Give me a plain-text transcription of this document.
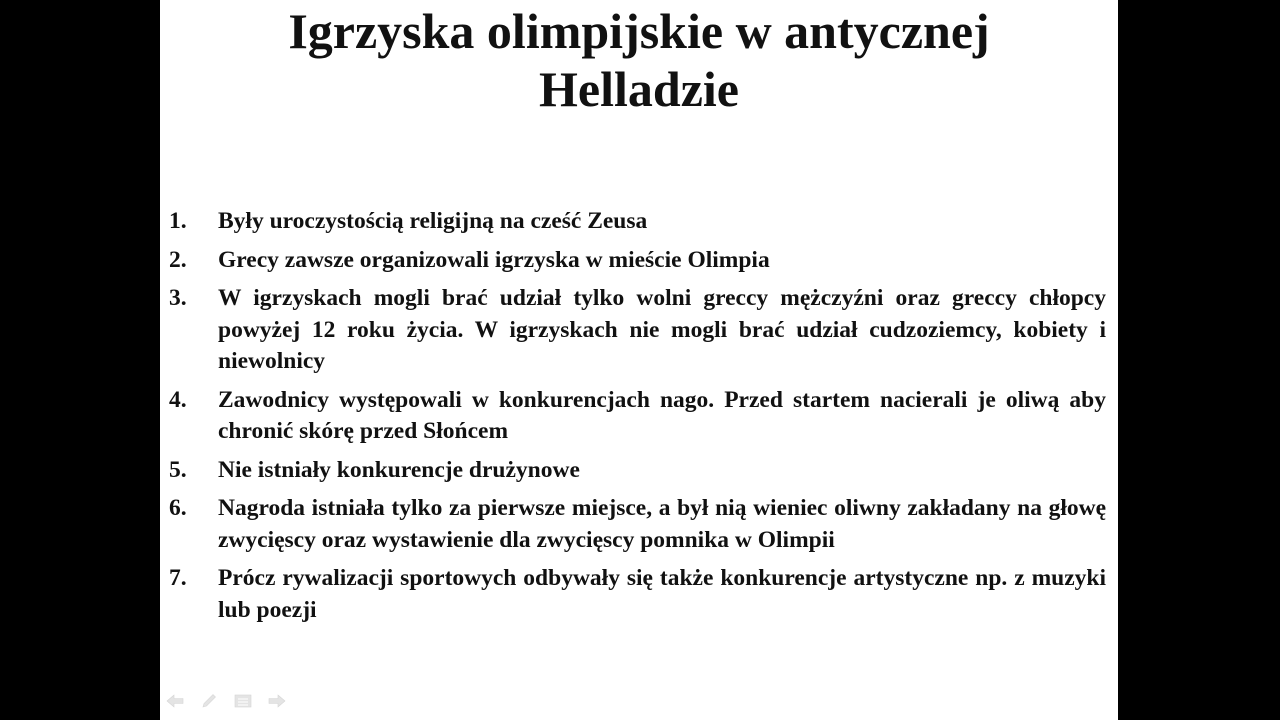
Igrzyska olimpijskie w antycznej
Helladzie
1. Były uroczystością religijną na cześć Zeusa
2. Grecy zawsze organizowali igrzyska w mieście Olimpia
3. W igrzyskach mogli brać udział tylko wolni greccy mężczyźni oraz greccy chłopcy powyżej 12 roku życia. W igrzyskach nie mogli brać udział cudzoziemcy, kobiety i niewolnicy
4. Zawodnicy występowali w konkurencjach nago. Przed startem nacierali je oliwą aby chronić skórę przed Słońcem
5. Nie istniały konkurencje drużynowe
6. Nagroda istniała tylko za pierwsze miejsce, a był nią wieniec oliwny zakładany na głowę zwycięscy oraz wystawienie dla zwycięscy pomnika w Olimpii
7. Prócz rywalizacji sportowych odbywały się także konkurencje artystyczne np. z muzyki lub poezji
